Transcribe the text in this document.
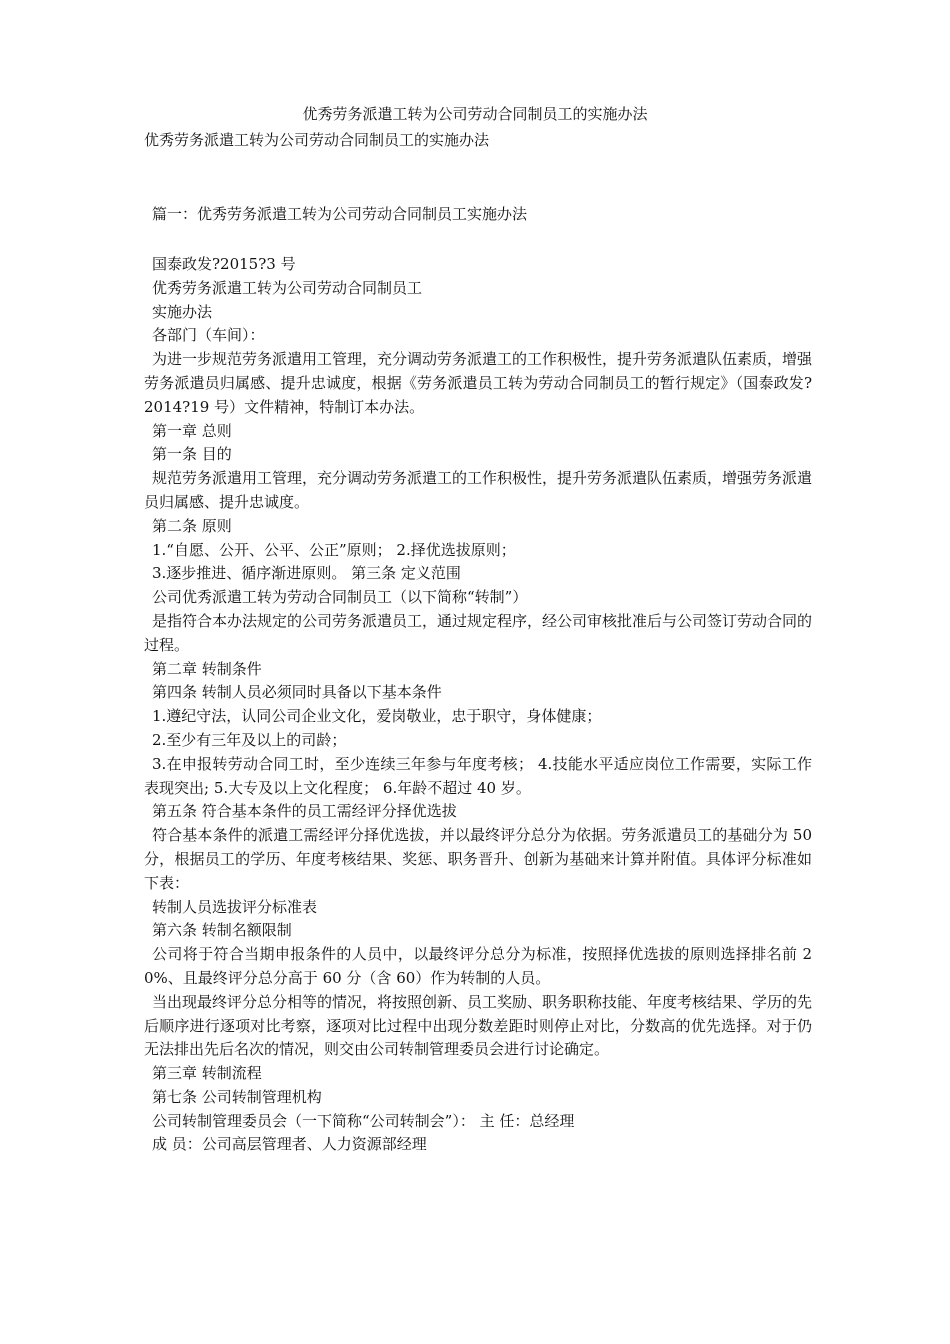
优秀劳务派遣工转为公司劳动合同制员工的实施办法
优秀劳务派遣工转为公司劳动合同制员工的实施办法
篇一：优秀劳务派遣工转为公司劳动合同制员工实施办法

国泰政发?2015?3 号

优秀劳务派遣工转为公司劳动合同制员工

实施办法

各部门（车间）：

为进一步规范劳务派遣用工管理，充分调动劳务派遣工的工作积极性，提升劳务派遣队伍素质，增强劳务派遣员归属感、提升忠诚度，根据《劳务派遣员工转为劳动合同制员工的暂行规定》（国泰政发?2014?19 号）文件精神，特制订本办法。

第一章 总则

第一条 目的

规范劳务派遣用工管理，充分调动劳务派遣工的工作积极性，提升劳务派遣队伍素质，增强劳务派遣员归属感、提升忠诚度。

第二条 原则

1.“自愿、公开、公平、公正”原则； 2.择优选拔原则；

3.逐步推进、循序渐进原则。 第三条 定义范围

公司优秀派遣工转为劳动合同制员工（以下简称“转制”）

是指符合本办法规定的公司劳务派遣员工，通过规定程序，经公司审核批准后与公司签订劳动合同的过程。

第二章 转制条件

第四条 转制人员必须同时具备以下基本条件

1.遵纪守法，认同公司企业文化，爱岗敬业，忠于职守，身体健康；

2.至少有三年及以上的司龄；

3.在申报转劳动合同工时，至少连续三年参与年度考核； 4.技能水平适应岗位工作需要，实际工作表现突出; 5.大专及以上文化程度； 6.年龄不超过 40 岁。

第五条 符合基本条件的员工需经评分择优选拔

符合基本条件的派遣工需经评分择优选拔，并以最终评分总分为依据。劳务派遣员工的基础分为 50 分，根据员工的学历、年度考核结果、奖惩、职务晋升、创新为基础来计算并附值。具体评分标准如下表：

转制人员选拔评分标准表

第六条 转制名额限制

公司将于符合当期申报条件的人员中，以最终评分总分为标准，按照择优选拔的原则选择排名前 20%、且最终评分总分高于 60 分（含 60）作为转制的人员。

当出现最终评分总分相等的情况，将按照创新、员工奖励、职务职称技能、年度考核结果、学历的先后顺序进行逐项对比考察，逐项对比过程中出现分数差距时则停止对比，分数高的优先选择。对于仍无法排出先后名次的情况，则交由公司转制管理委员会进行讨论确定。

第三章 转制流程

第七条 公司转制管理机构

公司转制管理委员会（一下简称“公司转制会”）： 主 任：总经理

成 员：公司高层管理者、人力资源部经理
